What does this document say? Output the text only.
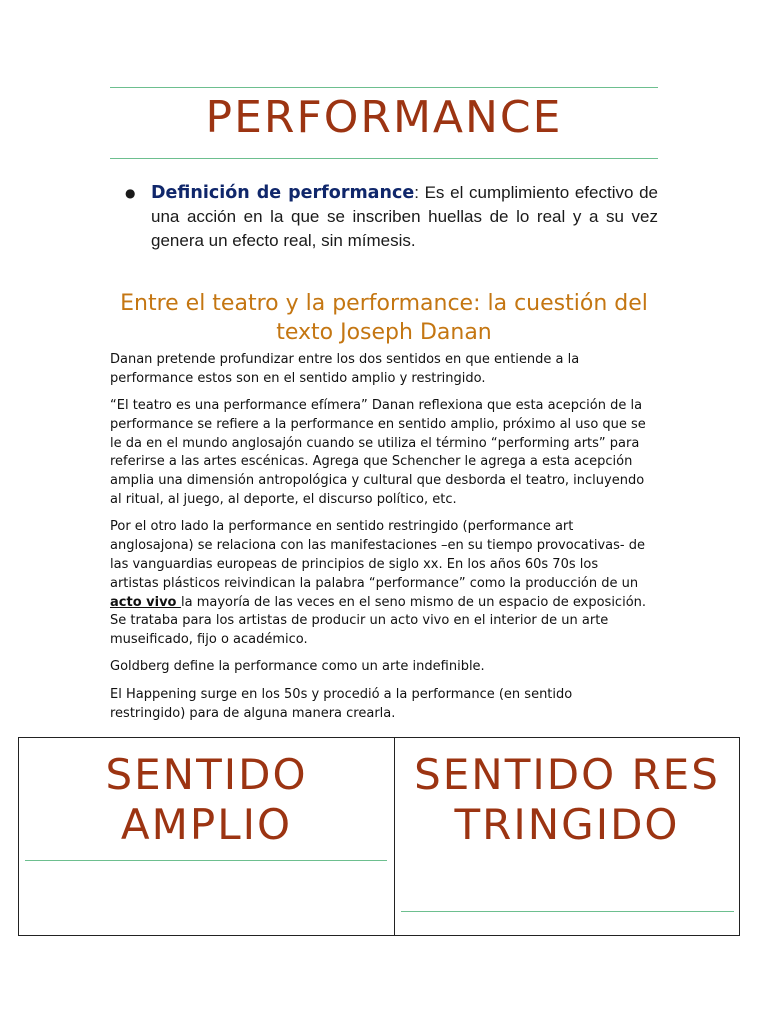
PERFORMANCE
● Definición de performance: Es el cumplimiento efectivo de una acción en la que se inscriben huellas de lo real y a su vez genera un efecto real, sin mímesis.
Entre el teatro y la performance: la cuestión del texto Joseph Danan

Danan pretende profundizar entre los dos sentidos en que entiende a la performance estos son en el sentido amplio y restringido.

“El teatro es una performance efímera” Danan reflexiona que esta acepción de la performance se refiere a la performance en sentido amplio, próximo al uso que se le da en el mundo anglosajón cuando se utiliza el término “performing arts” para referirse a las artes escénicas. Agrega que Schencher le agrega a esta acepción amplia una dimensión antropológica y cultural que desborda el teatro, incluyendo al ritual, al juego, al deporte, el discurso político, etc.

Por el otro lado la performance en sentido restringido (performance art anglosajona) se relaciona con las manifestaciones –en su tiempo provocativas- de las vanguardias europeas de principios de siglo xx. En los años 60s 70s los artistas plásticos reivindican la palabra “performance” como la producción de un acto vivo la mayoría de las veces en el seno mismo de un espacio de exposición. Se trataba para los artistas de producir un acto vivo en el interior de un arte museificado, fijo o académico.

Goldberg define la performance como un arte indefinible.

El Happening surge en los 50s y procedió a la performance (en sentido restringido) para de alguna manera crearla.

SENTIDO AMPLIO
SENTIDO RESTRINGIDO
